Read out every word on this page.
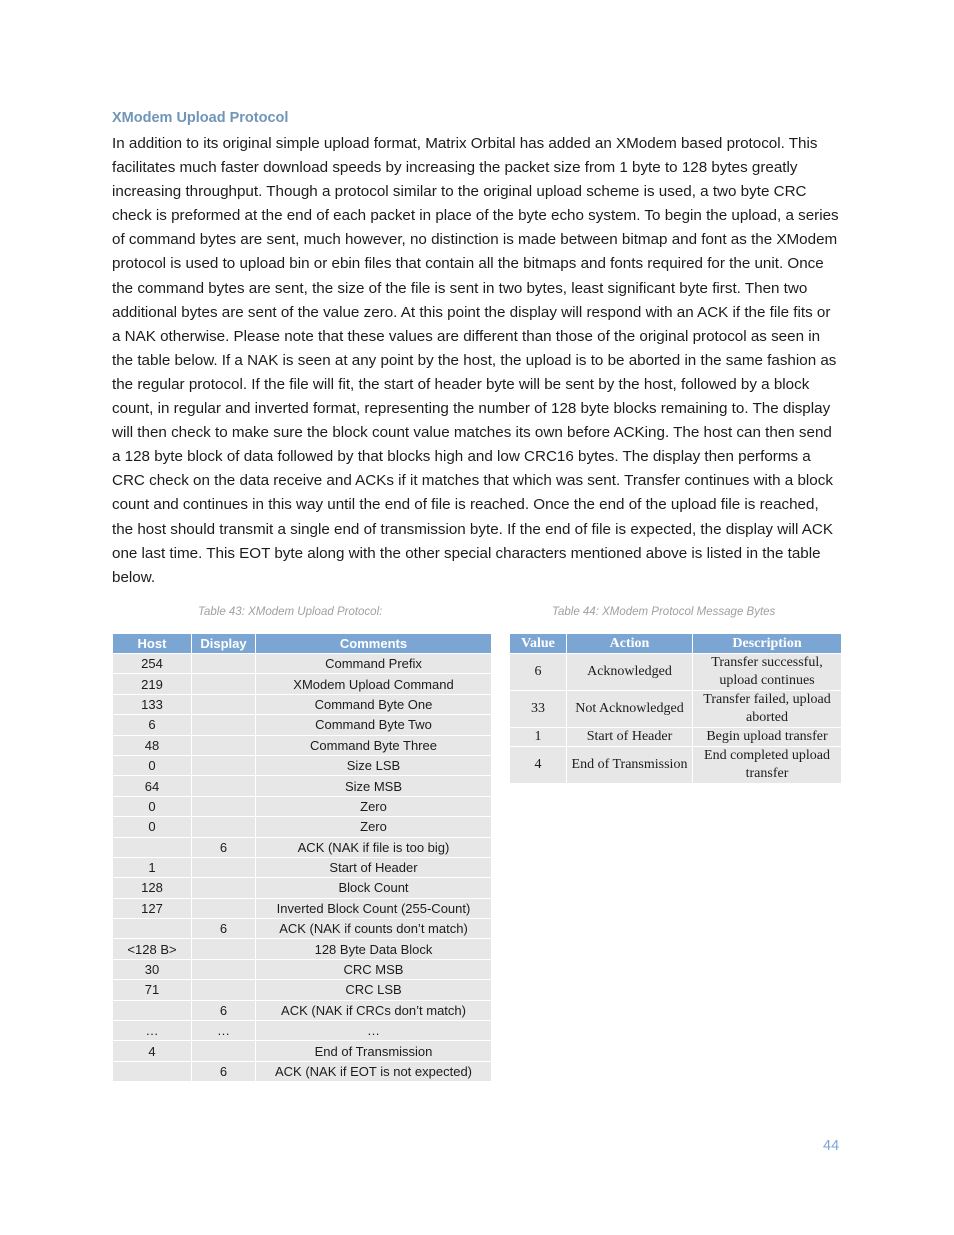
XModem Upload Protocol

In addition to its original simple upload format, Matrix Orbital has added an XModem based protocol. This facilitates much faster download speeds by increasing the packet size from 1 byte to 128 bytes greatly increasing throughput. Though a protocol similar to the original upload scheme is used, a two byte CRC check is preformed at the end of each packet in place of the byte echo system. To begin the upload, a series of command bytes are sent, much however, no distinction is made between bitmap and font as the XModem protocol is used to upload bin or ebin files that contain all the bitmaps and fonts required for the unit. Once the command bytes are sent, the size of the file is sent in two bytes, least significant byte first. Then two additional bytes are sent of the value zero. At this point the display will respond with an ACK if the file fits or a NAK otherwise. Please note that these values are different than those of the original protocol as seen in the table below. If a NAK is seen at any point by the host, the upload is to be aborted in the same fashion as the regular protocol. If the file will fit, the start of header byte will be sent by the host, followed by a block count, in regular and inverted format, representing the number of 128 byte blocks remaining to. The display will then check to make sure the block count value matches its own before ACKing. The host can then send a 128 byte block of data followed by that blocks high and low CRC16 bytes. The display then performs a CRC check on the data receive and ACKs if it matches that which was sent. Transfer continues with a block count and continues in this way until the end of file is reached. Once the end of the upload file is reached, the host should transmit a single end of transmission byte. If the end of file is expected, the display will ACK one last time. This EOT byte along with the other special characters mentioned above is listed in the table below.

Table 43: XModem Upload Protocol:	Table 44: XModem Protocol Message Bytes
Host	Display	Comments
254		Command Prefix
219		XModem Upload Command
133		Command Byte One
6		Command Byte Two
48		Command Byte Three
0		Size LSB
64		Size MSB
0		Zero
0		Zero
	6	ACK (NAK if file is too big)
1		Start of Header
128		Block Count
127		Inverted Block Count (255-Count)
	6	ACK (NAK if counts don’t match)
<128 B>		128 Byte Data Block
30		CRC MSB
71		CRC LSB
	6	ACK (NAK if CRCs don’t match)
…	…	…
4		End of Transmission
	6	ACK (NAK if EOT is not expected)
Value	Action	Description
6	Acknowledged	Transfer successful, upload continues
33	Not Acknowledged	Transfer failed, upload aborted
1	Start of Header	Begin upload transfer
4	End of Transmission	End completed upload transfer
44
